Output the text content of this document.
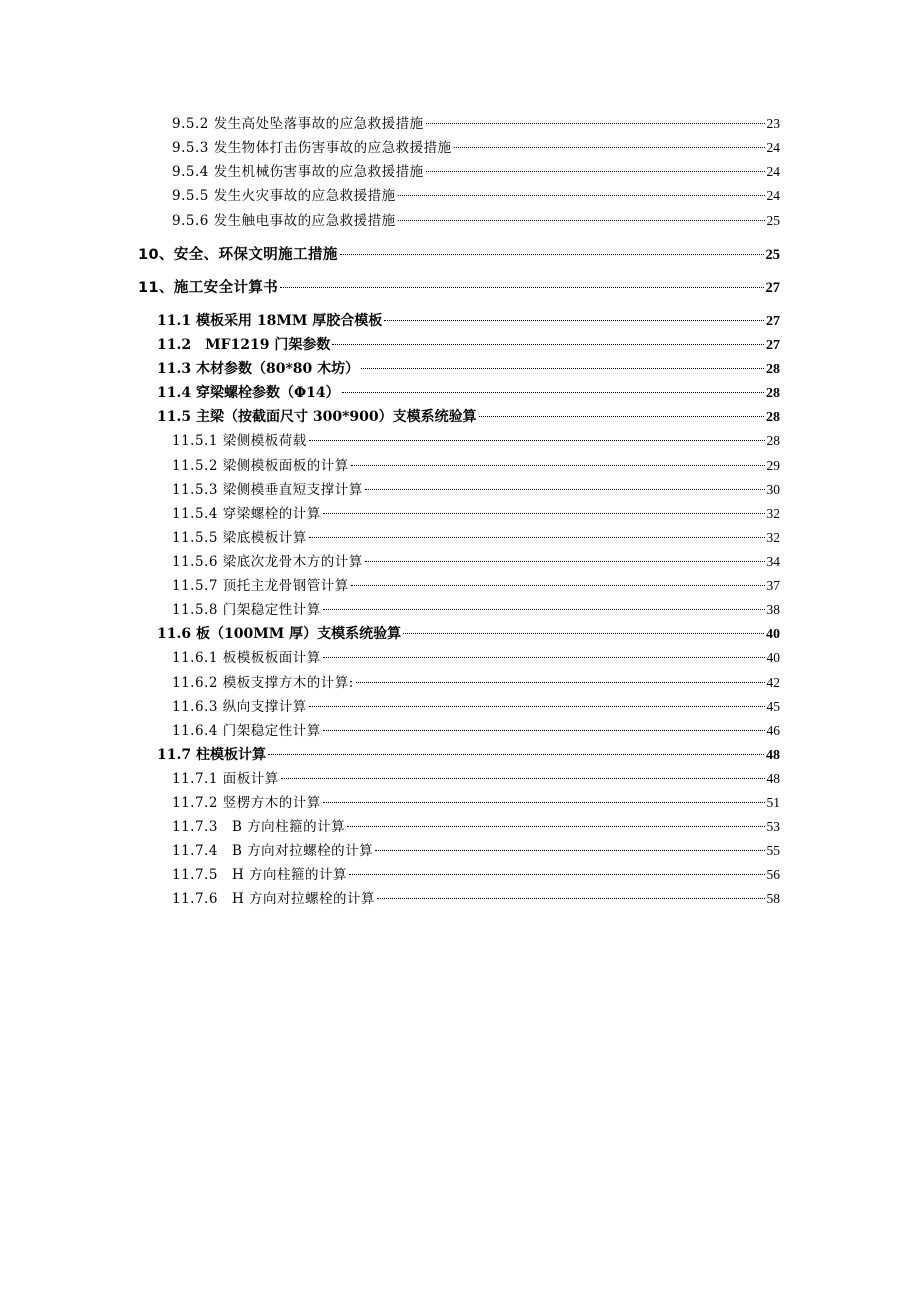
9.5.2 发生高处坠落事故的应急救援措施	23
9.5.3 发生物体打击伤害事故的应急救援措施	24
9.5.4 发生机械伤害事故的应急救援措施	24
9.5.5 发生火灾事故的应急救援措施	24
9.5.6 发生触电事故的应急救援措施	25
10、安全、环保文明施工措施	25
11、施工安全计算书	27
11.1 模板采用 18MM 厚胶合模板	27
11.2　MF1219 门架参数	27
11.3 木材参数（80*80 木坊）	28
11.4 穿梁螺栓参数（Φ14）	28
11.5 主梁（按截面尺寸 300*900）支模系统验算	28
11.5.1 梁侧模板荷载	28
11.5.2 梁侧模板面板的计算	29
11.5.3 梁侧模垂直短支撑计算	30
11.5.4 穿梁螺栓的计算	32
11.5.5 梁底模板计算	32
11.5.6 梁底次龙骨木方的计算	34
11.5.7 顶托主龙骨钢管计算	37
11.5.8 门架稳定性计算	38
11.6 板（100MM 厚）支模系统验算	40
11.6.1 板模板板面计算	40
11.6.2 模板支撑方木的计算:	42
11.6.3 纵向支撑计算	45
11.6.4 门架稳定性计算	46
11.7 柱模板计算	48
11.7.1 面板计算	48
11.7.2 竖楞方木的计算	51
11.7.3　B 方向柱箍的计算	53
11.7.4　B 方向对拉螺栓的计算	55
11.7.5　H 方向柱箍的计算	56
11.7.6　H 方向对拉螺栓的计算	58
